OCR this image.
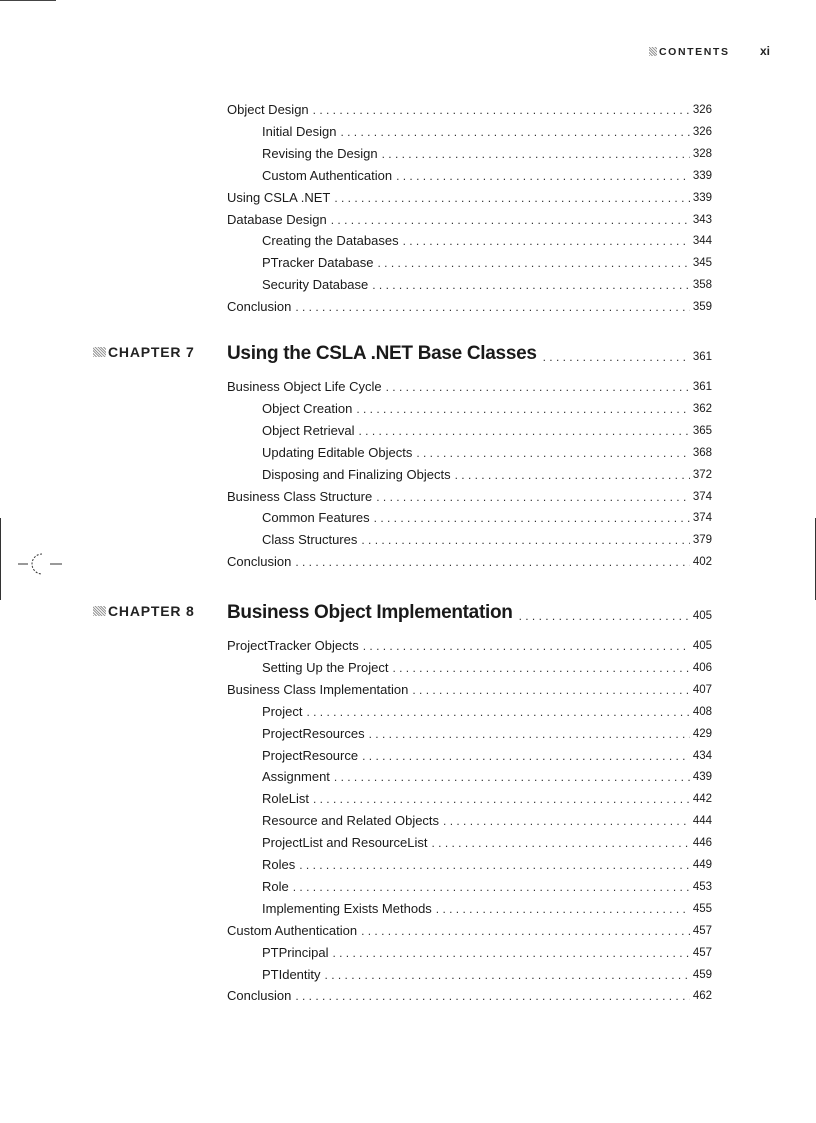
CONTENTS	xi
Object Design . . .	326
Initial Design . . .	326
Revising the Design . . .	328
Custom Authentication . . .	339
Using CSLA .NET . . .	339
Database Design . . .	343
Creating the Databases . . .	344
PTracker Database . . .	345
Security Database . . .	358
Conclusion . . .	359
CHAPTER 7 Using the CSLA .NET Base Classes . . .	361
Business Object Life Cycle . . .	361
Object Creation . . .	362
Object Retrieval . . .	365
Updating Editable Objects . . .	368
Disposing and Finalizing Objects . . .	372
Business Class Structure . . .	374
Common Features . . .	374
Class Structures . . .	379
Conclusion . . .	402
CHAPTER 8 Business Object Implementation . . .	405
ProjectTracker Objects . . .	405
Setting Up the Project . . .	406
Business Class Implementation . . .	407
Project . . .	408
ProjectResources . . .	429
ProjectResource . . .	434
Assignment . . .	439
RoleList . . .	442
Resource and Related Objects . . .	444
ProjectList and ResourceList . . .	446
Roles . . .	449
Role . . .	453
Implementing Exists Methods . . .	455
Custom Authentication . . .	457
PTPrincipal . . .	457
PTIdentity . . .	459
Conclusion . . .	462
